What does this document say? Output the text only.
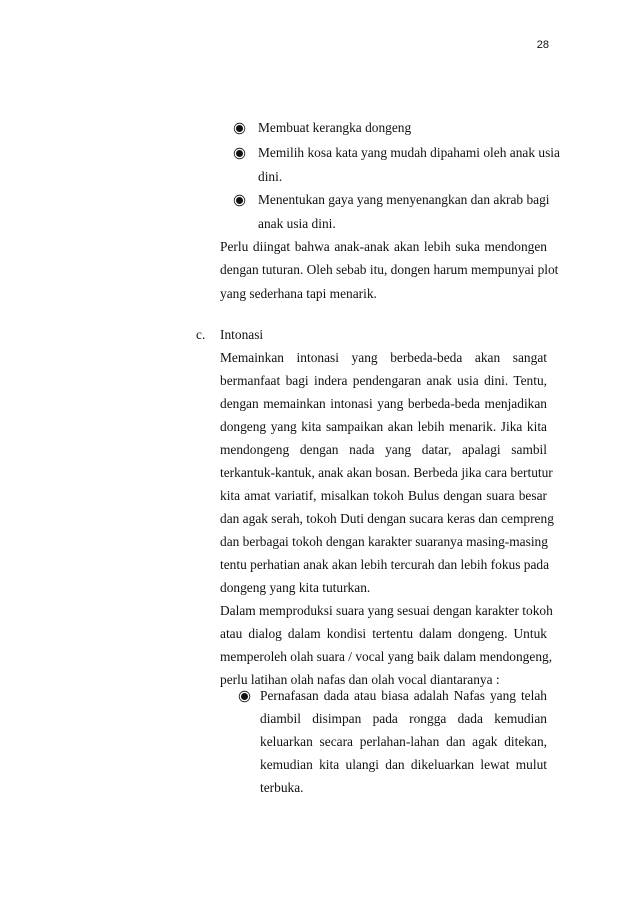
28
Membuat kerangka dongeng
Memilih kosa kata yang mudah dipahami oleh anak usia
dini.
Menentukan gaya yang menyenangkan dan akrab bagi
anak usia dini.
Perlu diingat bahwa anak-anak akan lebih suka mendongen
dengan tuturan. Oleh sebab itu, dongen harum mempunyai plot
yang sederhana tapi menarik.
c. Intonasi
Memainkan intonasi yang berbeda-beda akan sangat
bermanfaat bagi indera pendengaran anak usia dini. Tentu,
dengan memainkan intonasi yang berbeda-beda menjadikan
dongeng yang kita sampaikan akan lebih menarik. Jika kita
mendongeng dengan nada yang datar, apalagi sambil
terkantuk-kantuk, anak akan bosan. Berbeda jika cara bertutur
kita amat variatif, misalkan tokoh Bulus dengan suara besar
dan agak serah, tokoh Duti dengan sucara keras dan cempreng
dan berbagai tokoh dengan karakter suaranya masing-masing
tentu perhatian anak akan lebih tercurah dan lebih fokus pada
dongeng yang kita tuturkan.
Dalam memproduksi suara yang sesuai dengan karakter tokoh
atau dialog dalam kondisi tertentu dalam dongeng. Untuk
memperoleh olah suara / vocal yang baik dalam mendongeng,
perlu latihan olah nafas dan olah vocal diantaranya :
Pernafasan dada atau biasa adalah Nafas yang telah
diambil disimpan pada rongga dada kemudian
keluarkan secara perlahan-lahan dan agak ditekan,
kemudian kita ulangi dan dikeluarkan lewat mulut
terbuka.
